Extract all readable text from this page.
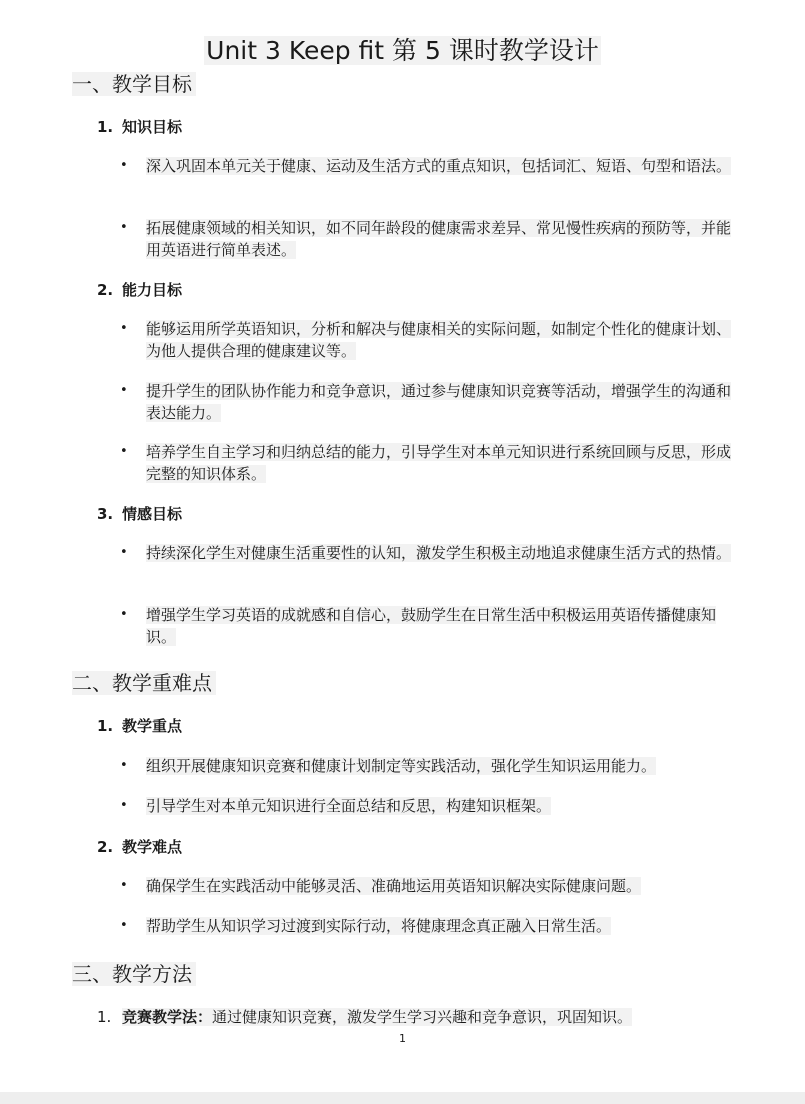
Unit 3 Keep fit 第 5 课时教学设计
一、教学目标
1. 知识目标
•	深入巩固本单元关于健康、运动及生活方式的重点知识，包括词汇、短语、句型和语法。
•	拓展健康领域的相关知识，如不同年龄段的健康需求差异、常见慢性疾病的预防等，并能用英语进行简单表述。
2. 能力目标
•	能够运用所学英语知识，分析和解决与健康相关的实际问题，如制定个性化的健康计划、为他人提供合理的健康建议等。
•	提升学生的团队协作能力和竞争意识，通过参与健康知识竞赛等活动，增强学生的沟通和表达能力。
•	培养学生自主学习和归纳总结的能力，引导学生对本单元知识进行系统回顾与反思，形成完整的知识体系。
3. 情感目标
•	持续深化学生对健康生活重要性的认知，激发学生积极主动地追求健康生活方式的热情。
•	增强学生学习英语的成就感和自信心，鼓励学生在日常生活中积极运用英语传播健康知识。
二、教学重难点
1. 教学重点
•	组织开展健康知识竞赛和健康计划制定等实践活动，强化学生知识运用能力。
•	引导学生对本单元知识进行全面总结和反思，构建知识框架。
2. 教学难点
•	确保学生在实践活动中能够灵活、准确地运用英语知识解决实际健康问题。
•	帮助学生从知识学习过渡到实际行动，将健康理念真正融入日常生活。
三、教学方法
1. 竞赛教学法：通过健康知识竞赛，激发学生学习兴趣和竞争意识，巩固知识。
1
